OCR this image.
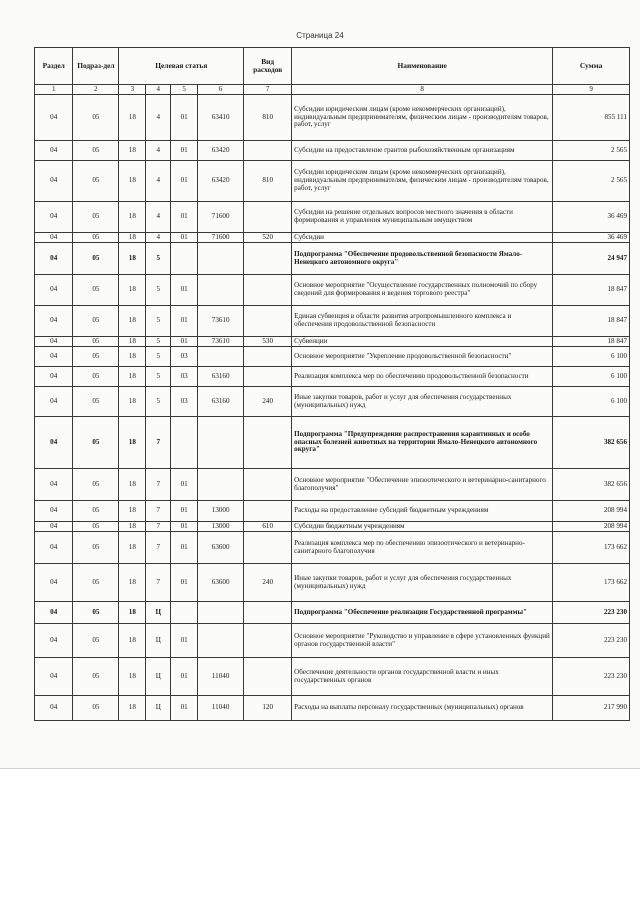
Страница 24
Раздел	Подраз-дел	Целевая статья				Вид расходов	Наименование	Сумма
1	2	3	4	5	6	7	8	9
04	05	18	4	01	63410	810	Субсидии юридическим лицам (кроме некоммерческих организаций), индивидуальным предпринимателям, физическим лицам - производителям товаров, работ, услуг	855 111
04	05	18	4	01	63420		Субсидии на предоставление грантов рыбохозяйственным организациям	2 565
04	05	18	4	01	63420	810	Субсидии юридическим лицам (кроме некоммерческих организаций), индивидуальным предпринимателям, физическим лицам - производителям товаров, работ, услуг	2 565
04	05	18	4	01	71600		Субсидии на решение отдельных вопросов местного значения в области формирования и управления муниципальным имуществом	36 469
04	05	18	4	01	71600	520	Субсидии	36 469
04	05	18	5				Подпрограмма "Обеспечение продовольственной безопасности Ямало-Ненецкого автономного округа"	24 947
04	05	18	5	01			Основное мероприятие "Осуществление государственных полномочий по сбору сведений для формирования и ведения торгового реестра"	18 847
04	05	18	5	01	73610		Единая субвенция в области развития агропромышленного комплекса и обеспечения продовольственной безопасности	18 847
04	05	18	5	01	73610	530	Субвенции	18 847
04	05	18	5	03			Основное мероприятие "Укрепление продовольственной безопасности"	6 100
04	05	18	5	03	63160		Реализация комплекса мер по обеспечению продовольственной безопасности	6 100
04	05	18	5	03	63160	240	Иные закупки товаров, работ и услуг для обеспечения государственных (муниципальных) нужд	6 100
04	05	18	7				Подпрограмма "Предупреждение распространения карантинных и особо опасных болезней животных на территории Ямало-Ненецкого автономного округа"	382 656
04	05	18	7	01			Основное мероприятие "Обеспечение эпизоотического и ветеринарно-санитарного благополучия"	382 656
04	05	18	7	01	13000		Расходы на предоставление субсидий бюджетным учреждениям	208 994
04	05	18	7	01	13000	610	Субсидии бюджетным учреждениям	208 994
04	05	18	7	01	63600		Реализация комплекса мер по обеспечению эпизоотического и ветеринарно-санитарного благополучия	173 662
04	05	18	7	01	63600	240	Иные закупки товаров, работ и услуг для обеспечения государственных (муниципальных) нужд	173 662
04	05	18	Ц				Подпрограмма "Обеспечение реализации Государственной программы"	223 230
04	05	18	Ц	01			Основное мероприятие "Руководство и управление в сфере установленных функций органов государственной власти"	223 230
04	05	18	Ц	01	11040		Обеспечение деятельности органов государственной власти и иных государственных органов	223 230
04	05	18	Ц	01	11040	120	Расходы на выплаты персоналу государственных (муниципальных) органов	217 990
